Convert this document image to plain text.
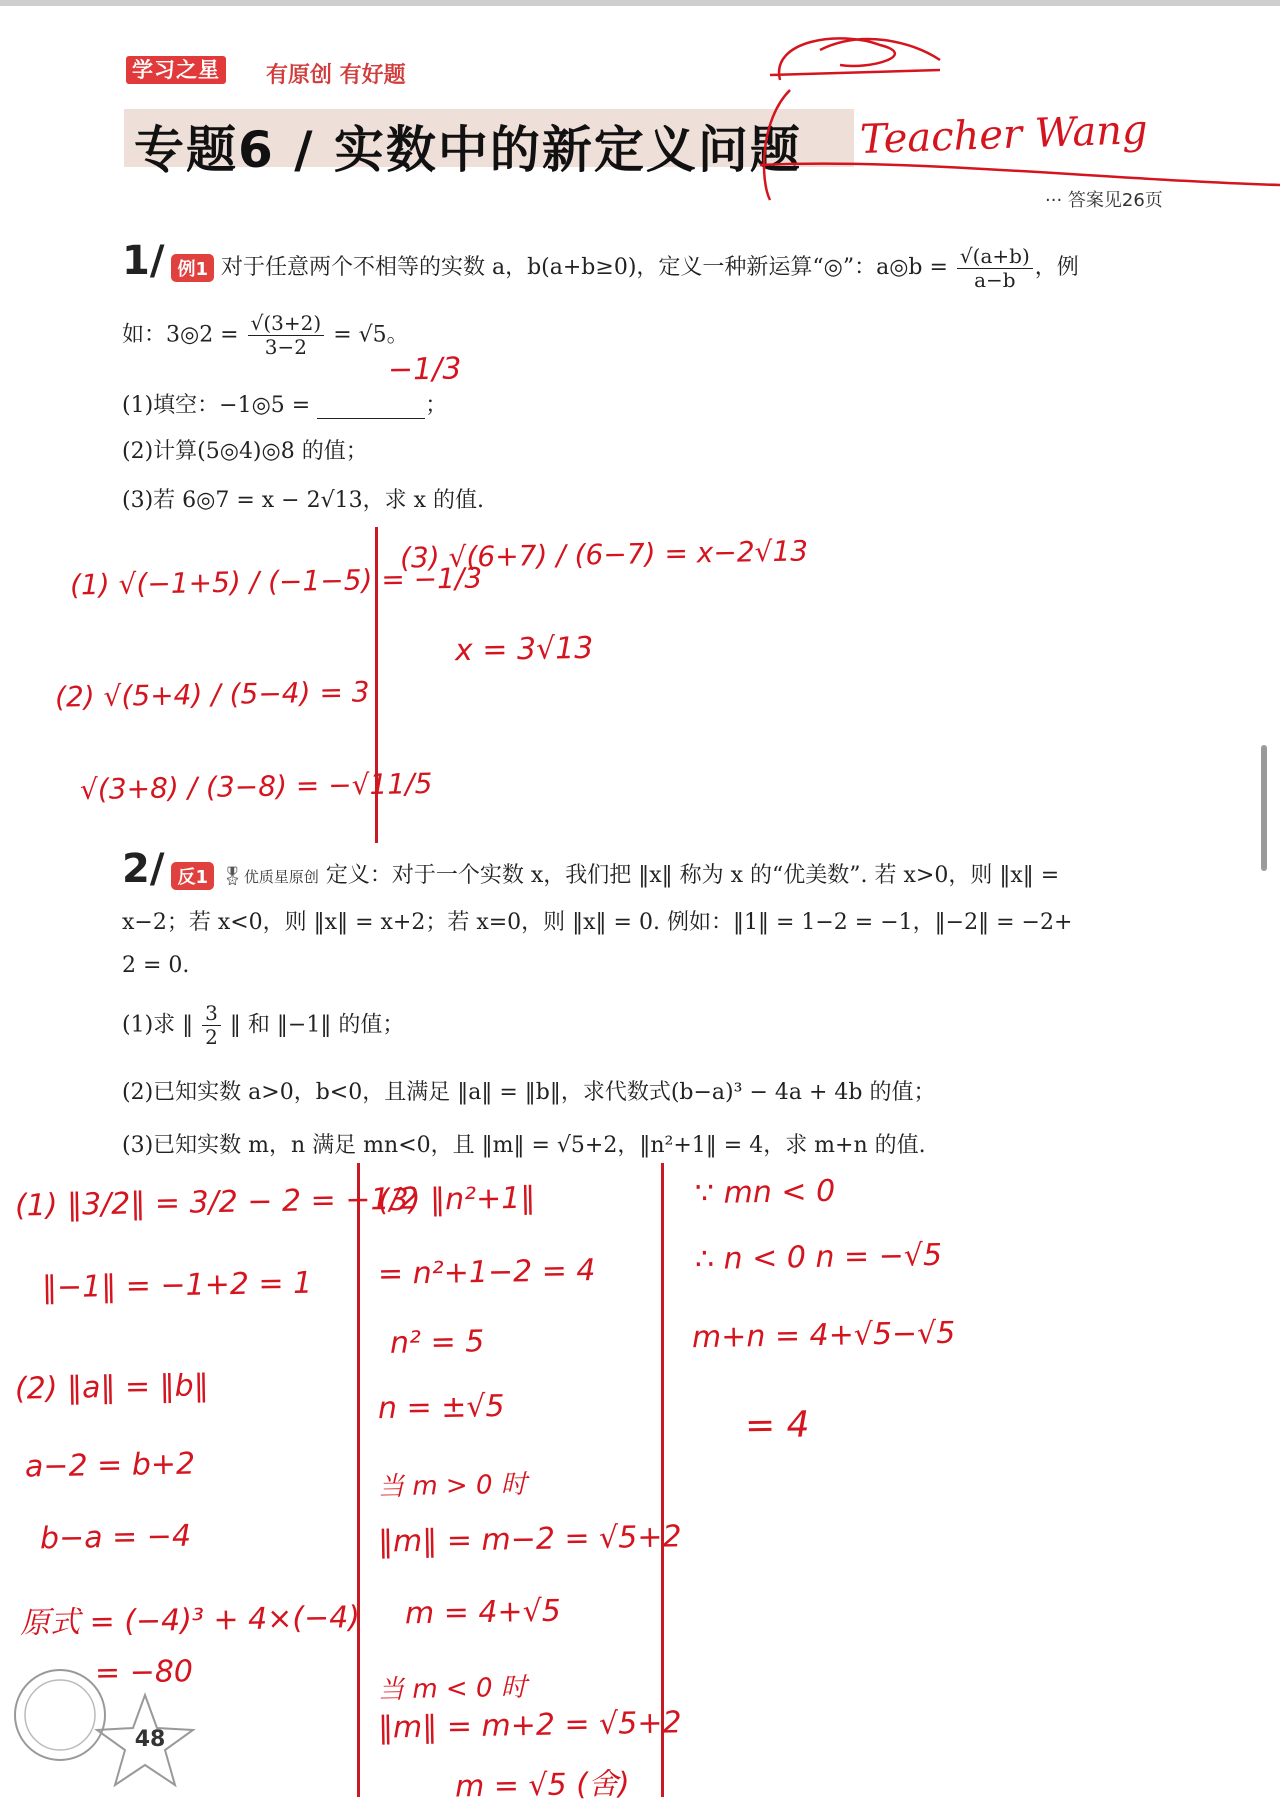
学习之星 有原创 有好题
专题6 / 实数中的新定义问题
··· 答案见26页
Teacher Wang
1/ 例1 对于任意两个不相等的实数 a，b(a+b≥0)，定义一种新运算“◎”：a◎b = $\frac{√(a+b)}{a-b}$ ，例
如：3◎2 = $\frac{√(3+2)}{3-2} = √5$。
(1)填空：−1◎5 =	；
−1/3
(2)计算(5◎4)◎8 的值；
(3)若 6◎7 = x − 2√13，求 x 的值.
(1) √(−1+5) / (−1−5) = −1/3
(2) √(5+4) / (5−4) = 3
√(3+8) / (3−8) = −√11/5
(3) √(6+7) / (6−7) = x−2√13
x = 3√13
2/ 反1 🎖优质星原创 定义：对于一个实数 x，我们把 ‖x‖ 称为 x 的“优美数”. 若 x>0，则 ‖x‖ =
x−2；若 x<0，则 ‖x‖ = x+2；若 x=0，则 ‖x‖ = 0. 例如：‖1‖ = 1−2 = −1，‖−2‖ = −2+
2 = 0.
(1)求 ‖ $\frac{3}{2}$ ‖ 和 ‖−1‖ 的值；
(2)已知实数 a>0，b<0，且满足 ‖a‖ = ‖b‖，求代数式(b−a)³ − 4a + 4b 的值；
(3)已知实数 m，n 满足 mn<0，且 ‖m‖ = √5+2，‖n²+1‖ = 4，求 m+n 的值.
(1) ‖3/2‖ = 3/2 − 2 = −1/2
‖−1‖ = −1+2 = 1
(2) ‖a‖ = ‖b‖
a−2 = b+2
b−a = −4
原式 = (−4)³ + 4×(−4)
= −80
(3) ‖n²+1‖
= n²+1−2 = 4
n² = 5
n = ±√5
当 m > 0 时
‖m‖ = m−2 = √5+2
m = 4+√5
当 m < 0 时
‖m‖ = m+2 = √5+2
m = √5 (舍)
∵ mn < 0
∴ n < 0 n = −√5
m+n = 4+√5−√5
= 4
48
